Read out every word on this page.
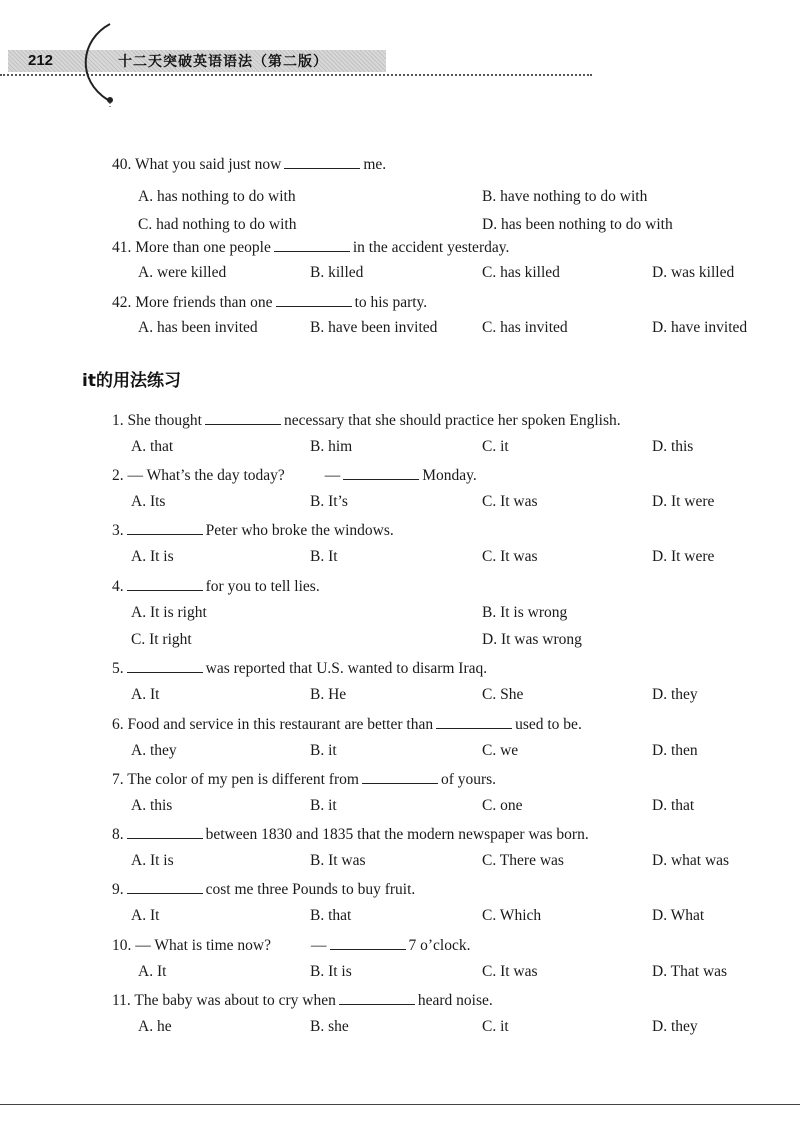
212	十二天突破英语语法（第二版）
it的用法练习
40. What you said just now	me.
A. has nothing to do with	B. have nothing to do with
C. had nothing to do with	D. has been nothing to do with
41. More than one people	in the accident yesterday.
A. were killed	B. killed	C. has killed	D. was killed
42. More friends than one	to his party.
A. has been invited	B. have been invited	C. has invited	D. have invited
1. She thought	necessary that she should practice her spoken English.
A. that	B. him	C. it	D. this
2. — What’s the day today?	—	Monday.
A. Its	B. It’s	C. It was	D. It were
3.	Peter who broke the windows.
A. It is	B. It	C. It was	D. It were
4.	for you to tell lies.
A. It is right	B. It is wrong
C. It right	D. It was wrong
5.	was reported that U.S. wanted to disarm Iraq.
A. It	B. He	C. She	D. they
6. Food and service in this restaurant are better than	used to be.
A. they	B. it	C. we	D. then
7. The color of my pen is different from	of yours.
A. this	B. it	C. one	D. that
8.	between 1830 and 1835 that the modern newspaper was born.
A. It is	B. It was	C. There was	D. what was
9.	cost me three Pounds to buy fruit.
A. It	B. that	C. Which	D. What
10. — What is time now?	—	7 o’clock.
A. It	B. It is	C. It was	D. That was
11. The baby was about to cry when	heard noise.
A. he	B. she	C. it	D. they
